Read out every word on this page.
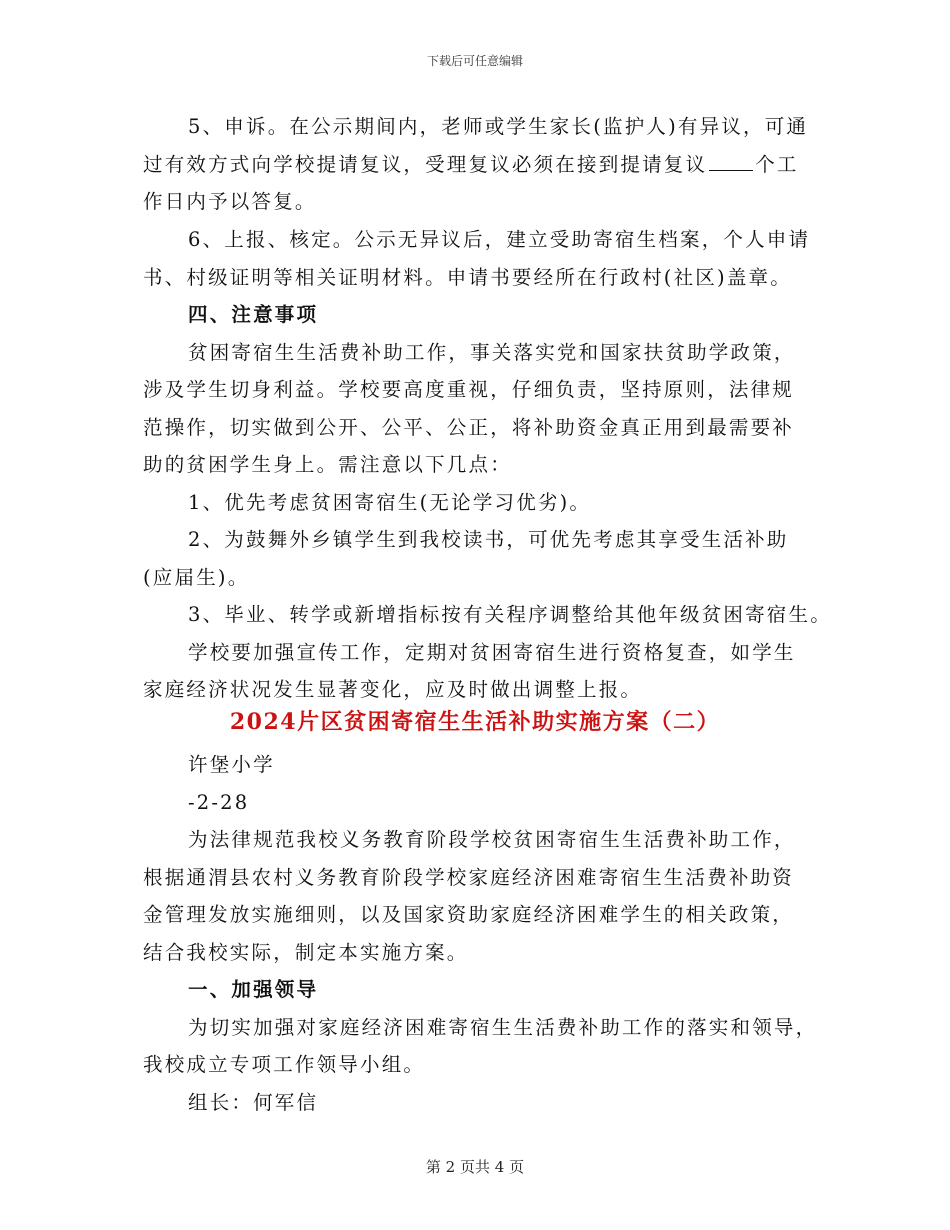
下载后可任意编辑
5、申诉。在公示期间内，老师或学生家长(监护人)有异议，可通
过有效方式向学校提请复议，受理复议必须在接到提请复议 个工
作日内予以答复。
6、上报、核定。公示无异议后，建立受助寄宿生档案，个人申请
书、村级证明等相关证明材料。申请书要经所在行政村(社区)盖章。
四、注意事项
贫困寄宿生生活费补助工作，事关落实党和国家扶贫助学政策，
涉及学生切身利益。学校要高度重视，仔细负责，坚持原则，法律规
范操作，切实做到公开、公平、公正，将补助资金真正用到最需要补
助的贫困学生身上。需注意以下几点：
1、优先考虑贫困寄宿生(无论学习优劣)。
2、为鼓舞外乡镇学生到我校读书，可优先考虑其享受生活补助
(应届生)。
3、毕业、转学或新增指标按有关程序调整给其他年级贫困寄宿生。
学校要加强宣传工作，定期对贫困寄宿生进行资格复查，如学生
家庭经济状况发生显著变化，应及时做出调整上报。
2024片区贫困寄宿生生活补助实施方案（二）
许堡小学
-2-28
为法律规范我校义务教育阶段学校贫困寄宿生生活费补助工作，
根据通渭县农村义务教育阶段学校家庭经济困难寄宿生生活费补助资
金管理发放实施细则，以及国家资助家庭经济困难学生的相关政策，
结合我校实际，制定本实施方案。
一、加强领导
为切实加强对家庭经济困难寄宿生生活费补助工作的落实和领导，
我校成立专项工作领导小组。
组长：何军信
第 2 页共 4 页
